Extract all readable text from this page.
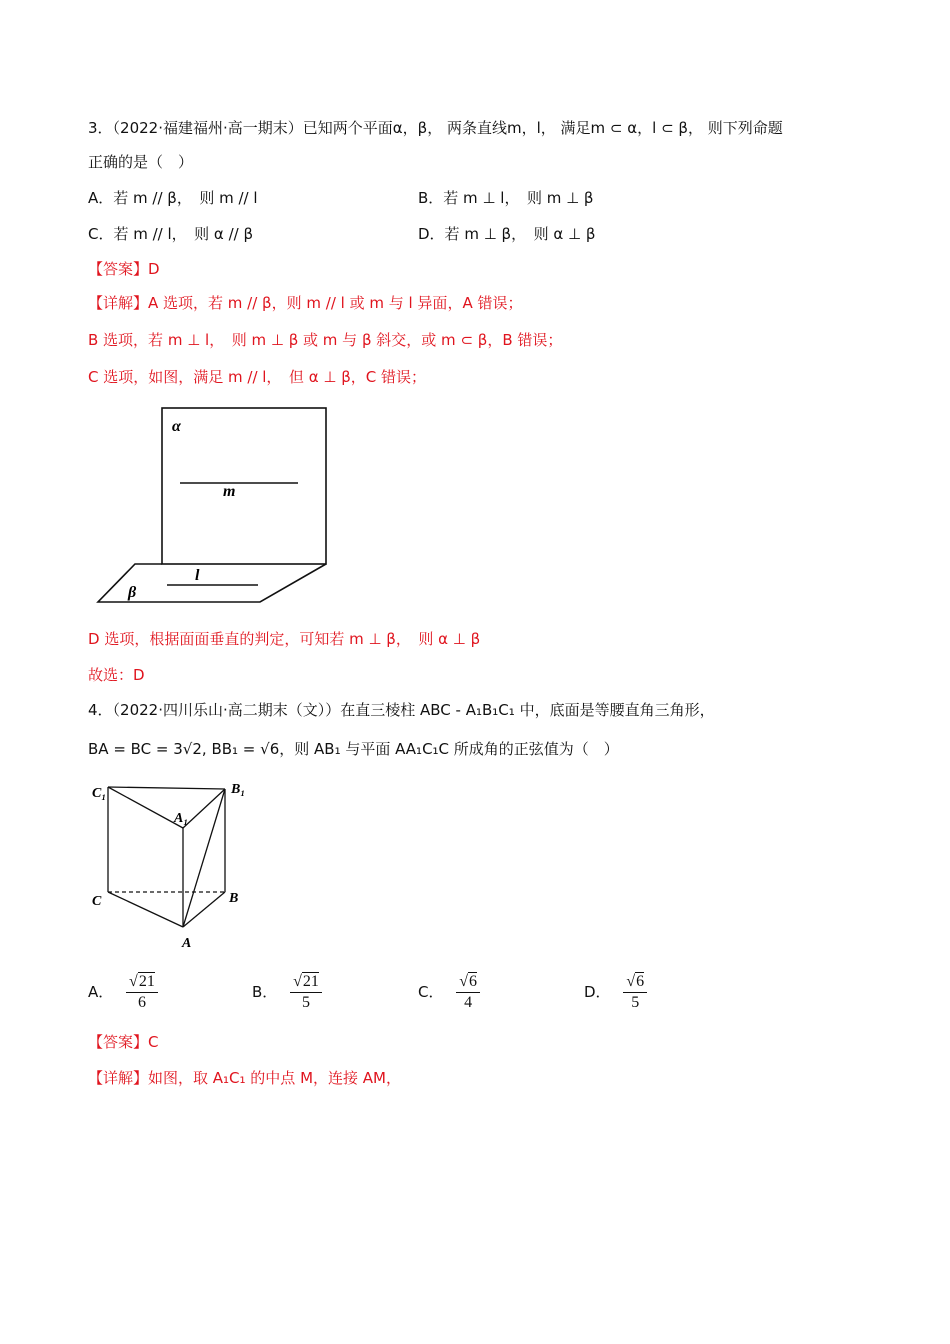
3．（2022·福建福州·高一期末）已知两个平面α，β， 两条直线m，l， 满足m ⊂ α，l ⊂ β， 则下列命题
正确的是（　）
A．若 m // β，　则 m // l	B．若 m ⊥ l，　则 m ⊥ β
C．若 m // l，　则 α // β	D．若 m ⊥ β，　则 α ⊥ β
【答案】D
【详解】A 选项，若 m // β，则 m // l 或 m 与 l 异面，A 错误；
B 选项，若 m ⊥ l，　则 m ⊥ β 或 m 与 β 斜交，或 m ⊂ β，B 错误；
C 选项，如图，满足 m // l，　但 α ⊥ β，C 错误；
α
m
l
β
D 选项，根据面面垂直的判定，可知若 m ⊥ β，　则 α ⊥ β
故选：D
4．（2022·四川乐山·高二期末（文））在直三棱柱 ABC - A₁B₁C₁ 中，底面是等腰直角三角形，
BA = BC = 3√2, BB₁ = √6，则 AB₁ 与平面 AA₁C₁C 所成角的正弦值为（　）
C₁	B₁
A₁
C	B
A
A． $\frac{√21}{6}$	B． $\frac{√21}{5}$	C． $\frac{√6}{4}$	D． $\frac{√6}{5}$
【答案】C
【详解】如图，取 A₁C₁ 的中点 M，连接 AM，
